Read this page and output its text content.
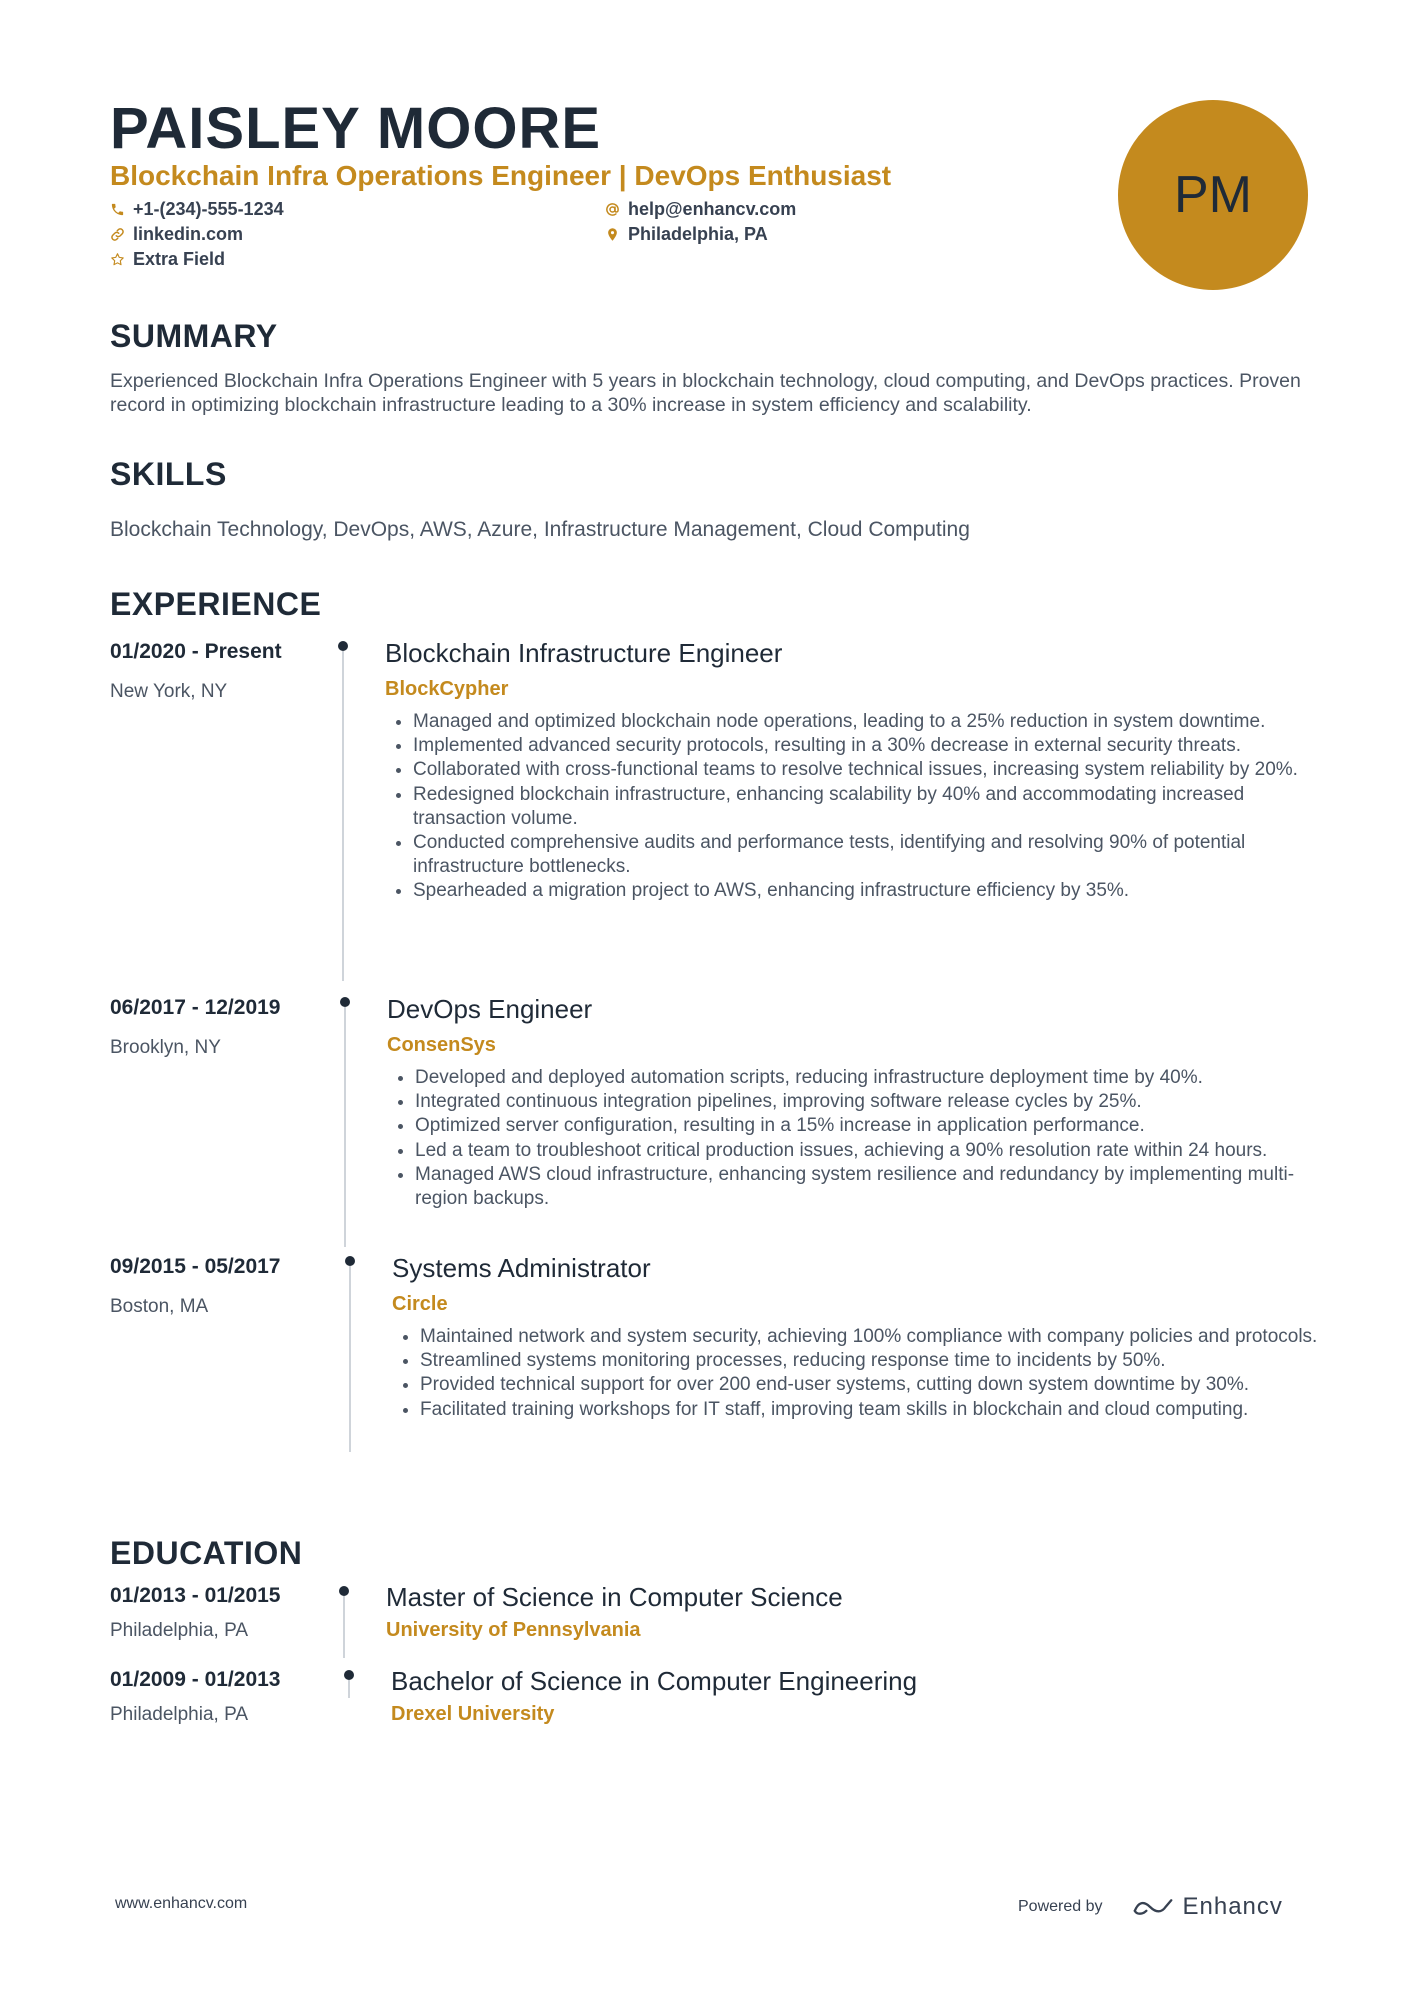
PAISLEY MOORE
Blockchain Infra Operations Engineer | DevOps Enthusiast
+1-(234)-555-1234	help@enhancv.com
linkedin.com	Philadelphia, PA
Extra Field
PM
SUMMARY
Experienced Blockchain Infra Operations Engineer with 5 years in blockchain technology, cloud computing, and DevOps practices. Proven record in optimizing blockchain infrastructure leading to a 30% increase in system efficiency and scalability.
SKILLS
Blockchain Technology, DevOps, AWS, Azure, Infrastructure Management, Cloud Computing
EXPERIENCE
01/2020 - Present
New York, NY
Blockchain Infrastructure Engineer
BlockCypher
• Managed and optimized blockchain node operations, leading to a 25% reduction in system downtime.
• Implemented advanced security protocols, resulting in a 30% decrease in external security threats.
• Collaborated with cross-functional teams to resolve technical issues, increasing system reliability by 20%.
• Redesigned blockchain infrastructure, enhancing scalability by 40% and accommodating increased transaction volume.
• Conducted comprehensive audits and performance tests, identifying and resolving 90% of potential infrastructure bottlenecks.
• Spearheaded a migration project to AWS, enhancing infrastructure efficiency by 35%.
06/2017 - 12/2019
Brooklyn, NY
DevOps Engineer
ConsenSys
• Developed and deployed automation scripts, reducing infrastructure deployment time by 40%.
• Integrated continuous integration pipelines, improving software release cycles by 25%.
• Optimized server configuration, resulting in a 15% increase in application performance.
• Led a team to troubleshoot critical production issues, achieving a 90% resolution rate within 24 hours.
• Managed AWS cloud infrastructure, enhancing system resilience and redundancy by implementing multi-region backups.
09/2015 - 05/2017
Boston, MA
Systems Administrator
Circle
• Maintained network and system security, achieving 100% compliance with company policies and protocols.
• Streamlined systems monitoring processes, reducing response time to incidents by 50%.
• Provided technical support for over 200 end-user systems, cutting down system downtime by 30%.
• Facilitated training workshops for IT staff, improving team skills in blockchain and cloud computing.
EDUCATION
01/2013 - 01/2015
Philadelphia, PA
Master of Science in Computer Science
University of Pennsylvania
01/2009 - 01/2013
Philadelphia, PA
Bachelor of Science in Computer Engineering
Drexel University
www.enhancv.com	Powered by	Enhancv
